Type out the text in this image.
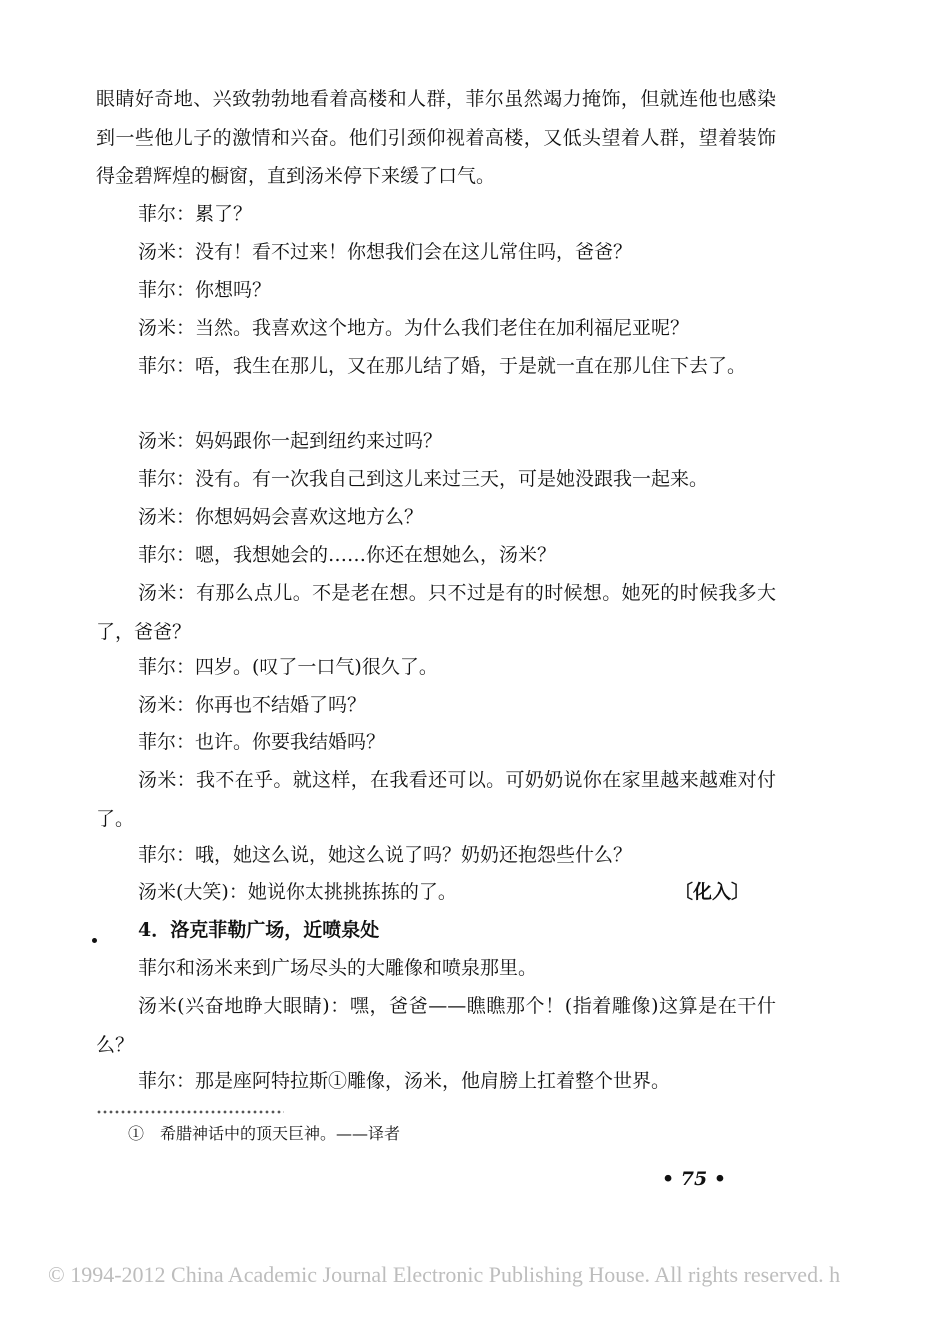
眼睛好奇地、兴致勃勃地看着高楼和人群，菲尔虽然竭力掩饰，但就连他也感染到一些他儿子的激情和兴奋。他们引颈仰视着高楼，又低头望着人群，望着装饰得金碧辉煌的橱窗，直到汤米停下来缓了口气。

菲尔：累了？

汤米：没有！看不过来！你想我们会在这儿常住吗，爸爸？

菲尔：你想吗？

汤米：当然。我喜欢这个地方。为什么我们老住在加利福尼亚呢？

菲尔：唔，我生在那儿，又在那儿结了婚，于是就一直在那儿住下去了。

汤米：妈妈跟你一起到纽约来过吗？

菲尔：没有。有一次我自己到这儿来过三天，可是她没跟我一起来。

汤米：你想妈妈会喜欢这地方么？

菲尔：嗯，我想她会的……你还在想她么，汤米？

汤米：有那么点儿。不是老在想。只不过是有的时候想。她死的时候我多大了，爸爸？

菲尔：四岁。(叹了一口气)很久了。

汤米：你再也不结婚了吗？

菲尔：也许。你要我结婚吗？

汤米：我不在乎。就这样，在我看还可以。可奶奶说你在家里越来越难对付了。

菲尔：哦，她这么说，她这么说了吗？奶奶还抱怨些什么？

汤米(大笑)：她说你太挑挑拣拣的了。	〔化入〕
4．洛克菲勒广场，近喷泉处

菲尔和汤米来到广场尽头的大雕像和喷泉那里。

汤米(兴奋地睁大眼睛)：嘿，爸爸——瞧瞧那个！(指着雕像)这算是在干什么？

菲尔：那是座阿特拉斯①雕像，汤米，他肩膀上扛着整个世界。

①　希腊神话中的顶天巨神。——译者
• 75 •
© 1994-2012 China Academic Journal Electronic Publishing House. All rights reserved. h
